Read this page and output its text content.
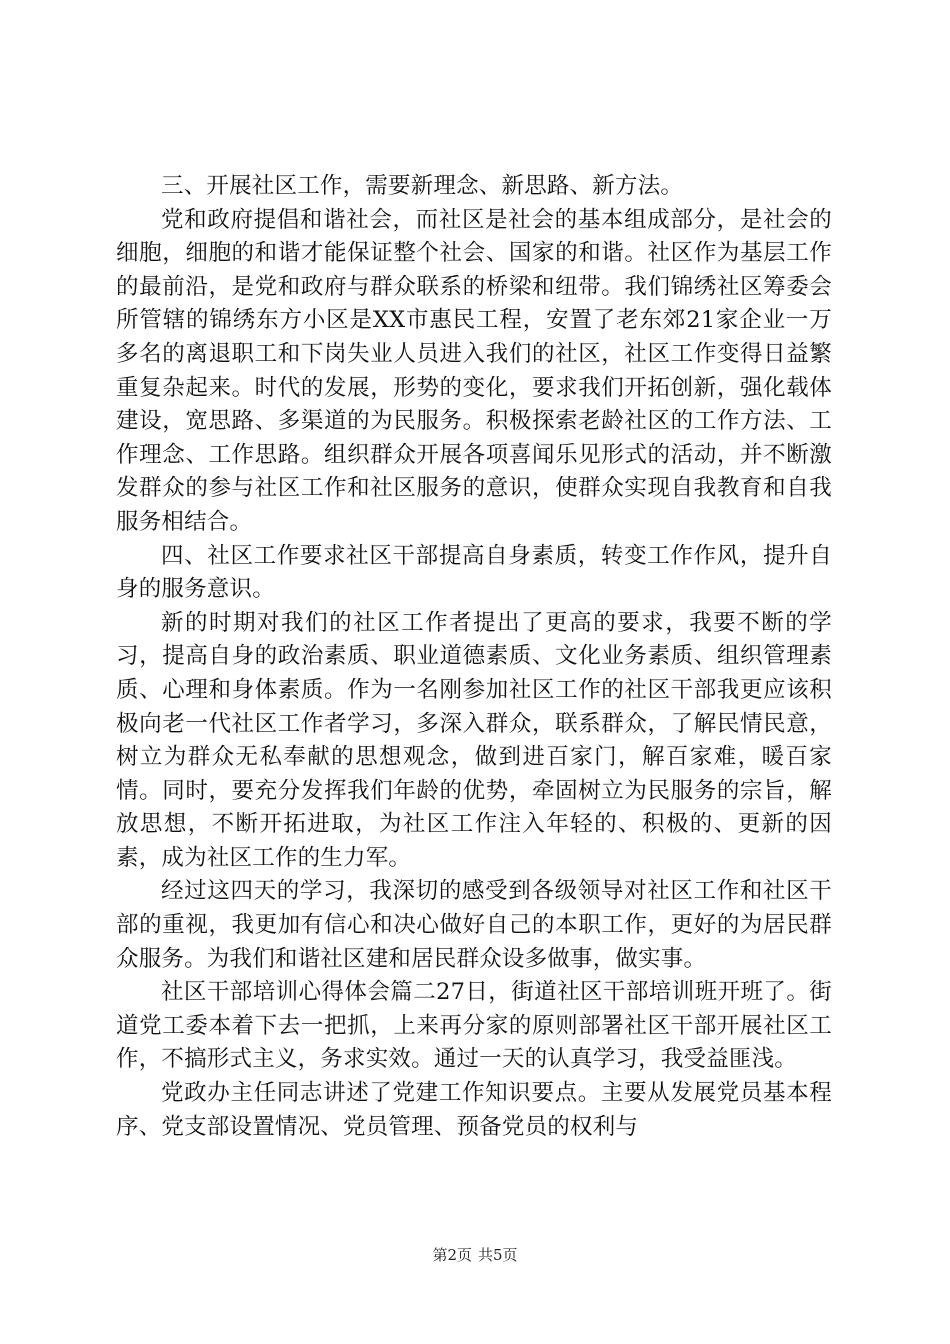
三、开展社区工作，需要新理念、新思路、新方法。

党和政府提倡和谐社会，而社区是社会的基本组成部分，是社会的细胞，细胞的和谐才能保证整个社会、国家的和谐。社区作为基层工作的最前沿，是党和政府与群众联系的桥梁和纽带。我们锦绣社区筹委会所管辖的锦绣东方小区是XX市惠民工程，安置了老东郊21家企业一万多名的离退职工和下岗失业人员进入我们的社区，社区工作变得日益繁重复杂起来。时代的发展，形势的变化，要求我们开拓创新，强化载体建设，宽思路、多渠道的为民服务。积极探索老龄社区的工作方法、工作理念、工作思路。组织群众开展各项喜闻乐见形式的活动，并不断激发群众的参与社区工作和社区服务的意识，使群众实现自我教育和自我服务相结合。

四、社区工作要求社区干部提高自身素质，转变工作作风，提升自身的服务意识。

新的时期对我们的社区工作者提出了更高的要求，我要不断的学习，提高自身的政治素质、职业道德素质、文化业务素质、组织管理素质、心理和身体素质。作为一名刚参加社区工作的社区干部我更应该积极向老一代社区工作者学习，多深入群众，联系群众，了解民情民意，树立为群众无私奉献的思想观念，做到进百家门，解百家难，暖百家情。同时，要充分发挥我们年龄的优势，牵固树立为民服务的宗旨，解放思想，不断开拓进取，为社区工作注入年轻的、积极的、更新的因素，成为社区工作的生力军。

经过这四天的学习，我深切的感受到各级领导对社区工作和社区干部的重视，我更加有信心和决心做好自己的本职工作，更好的为居民群众服务。为我们和谐社区建和居民群众设多做事，做实事。

社区干部培训心得体会篇二27日，街道社区干部培训班开班了。街道党工委本着下去一把抓，上来再分家的原则部署社区干部开展社区工作，不搞形式主义，务求实效。通过一天的认真学习，我受益匪浅。

党政办主任同志讲述了党建工作知识要点。主要从发展党员基本程序、党支部设置情况、党员管理、预备党员的权利与

第2页 共5页
